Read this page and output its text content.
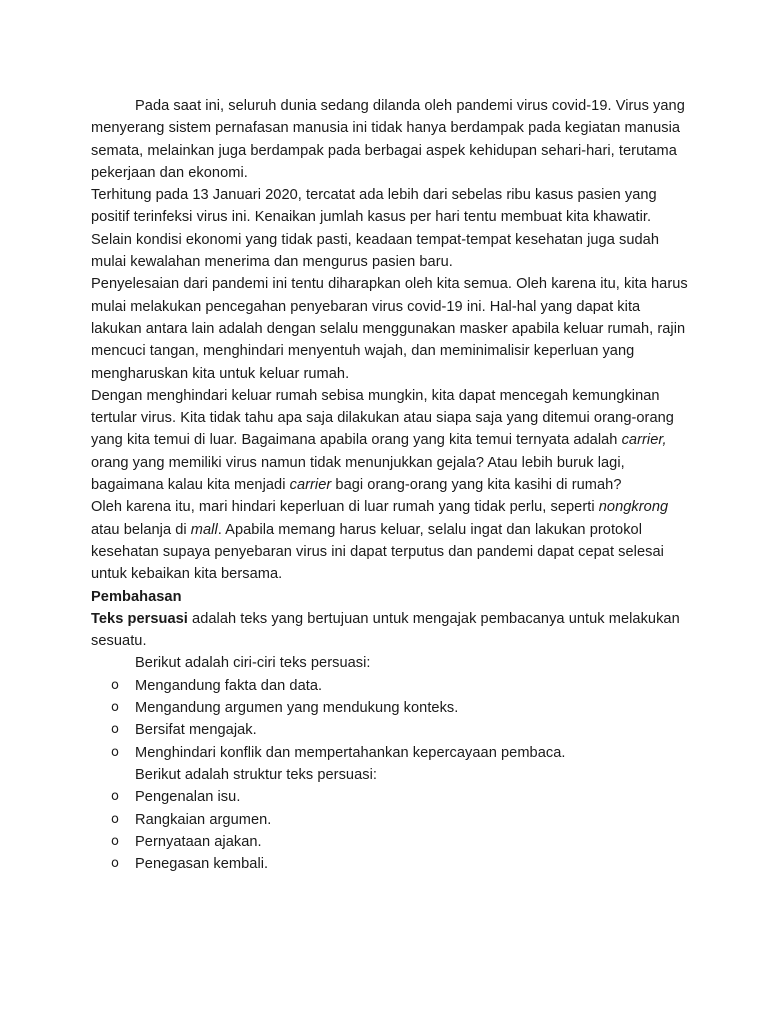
Pada saat ini, seluruh dunia sedang dilanda oleh pandemi virus covid-19. Virus yang menyerang sistem pernafasan manusia ini tidak hanya berdampak pada kegiatan manusia semata, melainkan juga berdampak pada berbagai aspek kehidupan sehari-hari, terutama pekerjaan dan ekonomi.

Terhitung pada 13 Januari 2020, tercatat ada lebih dari sebelas ribu kasus pasien yang positif terinfeksi virus ini. Kenaikan jumlah kasus per hari tentu membuat kita khawatir. Selain kondisi ekonomi yang tidak pasti, keadaan tempat-tempat kesehatan juga sudah mulai kewalahan menerima dan mengurus pasien baru.

Penyelesaian dari pandemi ini tentu diharapkan oleh kita semua. Oleh karena itu, kita harus mulai melakukan pencegahan penyebaran virus covid-19 ini. Hal-hal yang dapat kita lakukan antara lain adalah dengan selalu menggunakan masker apabila keluar rumah, rajin mencuci tangan, menghindari menyentuh wajah, dan meminimalisir keperluan yang mengharuskan kita untuk keluar rumah.

Dengan menghindari keluar rumah sebisa mungkin, kita dapat mencegah kemungkinan tertular virus. Kita tidak tahu apa saja dilakukan atau siapa saja yang ditemui orang-orang yang kita temui di luar. Bagaimana apabila orang yang kita temui ternyata adalah carrier, orang yang memiliki virus namun tidak menunjukkan gejala? Atau lebih buruk lagi, bagaimana kalau kita menjadi carrier bagi orang-orang yang kita kasihi di rumah?

Oleh karena itu, mari hindari keperluan di luar rumah yang tidak perlu, seperti nongkrong atau belanja di mall. Apabila memang harus keluar, selalu ingat dan lakukan protokol kesehatan supaya penyebaran virus ini dapat terputus dan pandemi dapat cepat selesai untuk kebaikan kita bersama.

Pembahasan

Teks persuasi adalah teks yang bertujuan untuk mengajak pembacanya untuk melakukan sesuatu.

Berikut adalah ciri-ciri teks persuasi:

o Mengandung fakta dan data.
o Mengandung argumen yang mendukung konteks.
o Bersifat mengajak.
o Menghindari konflik dan mempertahankan kepercayaan pembaca.

Berikut adalah struktur teks persuasi:

o Pengenalan isu.
o Rangkaian argumen.
o Pernyataan ajakan.
o Penegasan kembali.
